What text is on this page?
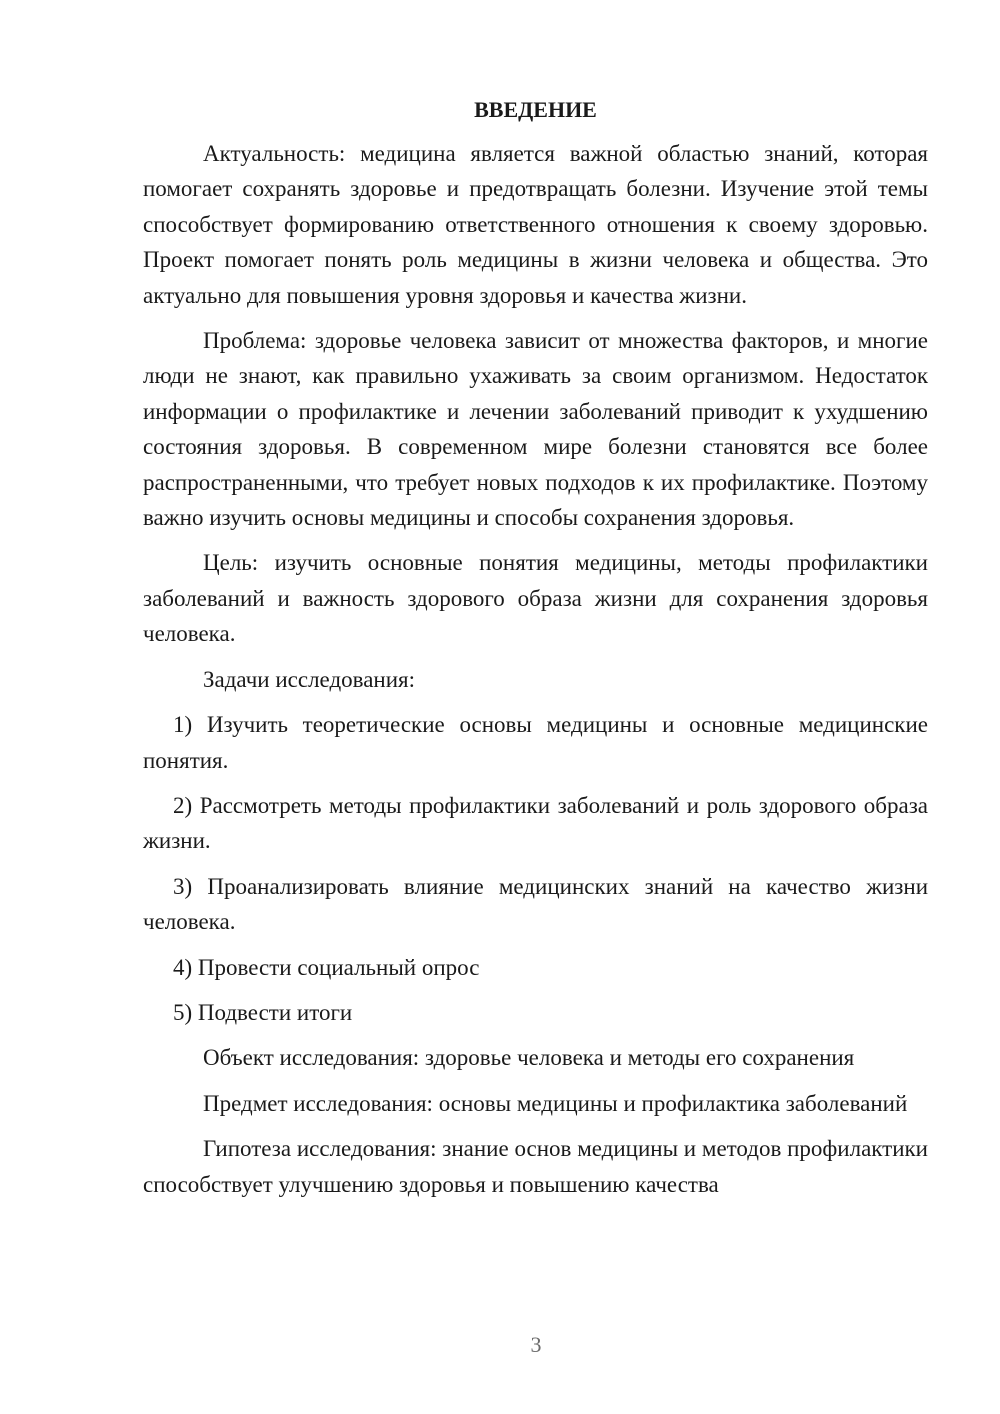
ВВЕДЕНИЕ

Актуальность: медицина является важной областью знаний, которая помогает сохранять здоровье и предотвращать болезни. Изучение этой темы способствует формированию ответственного отношения к своему здоровью. Проект помогает понять роль медицины в жизни человека и общества. Это актуально для повышения уровня здоровья и качества жизни.

Проблема: здоровье человека зависит от множества факторов, и многие люди не знают, как правильно ухаживать за своим организмом. Недостаток информации о профилактике и лечении заболеваний приводит к ухудшению состояния здоровья. В современном мире болезни становятся все более распространенными, что требует новых подходов к их профилактике. Поэтому важно изучить основы медицины и способы сохранения здоровья.

Цель: изучить основные понятия медицины, методы профилактики заболеваний и важность здорового образа жизни для сохранения здоровья человека.

Задачи исследования:

1) Изучить теоретические основы медицины и основные медицинские понятия.

2) Рассмотреть методы профилактики заболеваний и роль здорового образа жизни.

3) Проанализировать влияние медицинских знаний на качество жизни человека.

4) Провести социальный опрос

5) Подвести итоги

Объект исследования: здоровье человека и методы его сохранения

Предмет исследования: основы медицины и профилактика заболеваний

Гипотеза исследования: знание основ медицины и методов профилактики способствует улучшению здоровья и повышению качества

3
